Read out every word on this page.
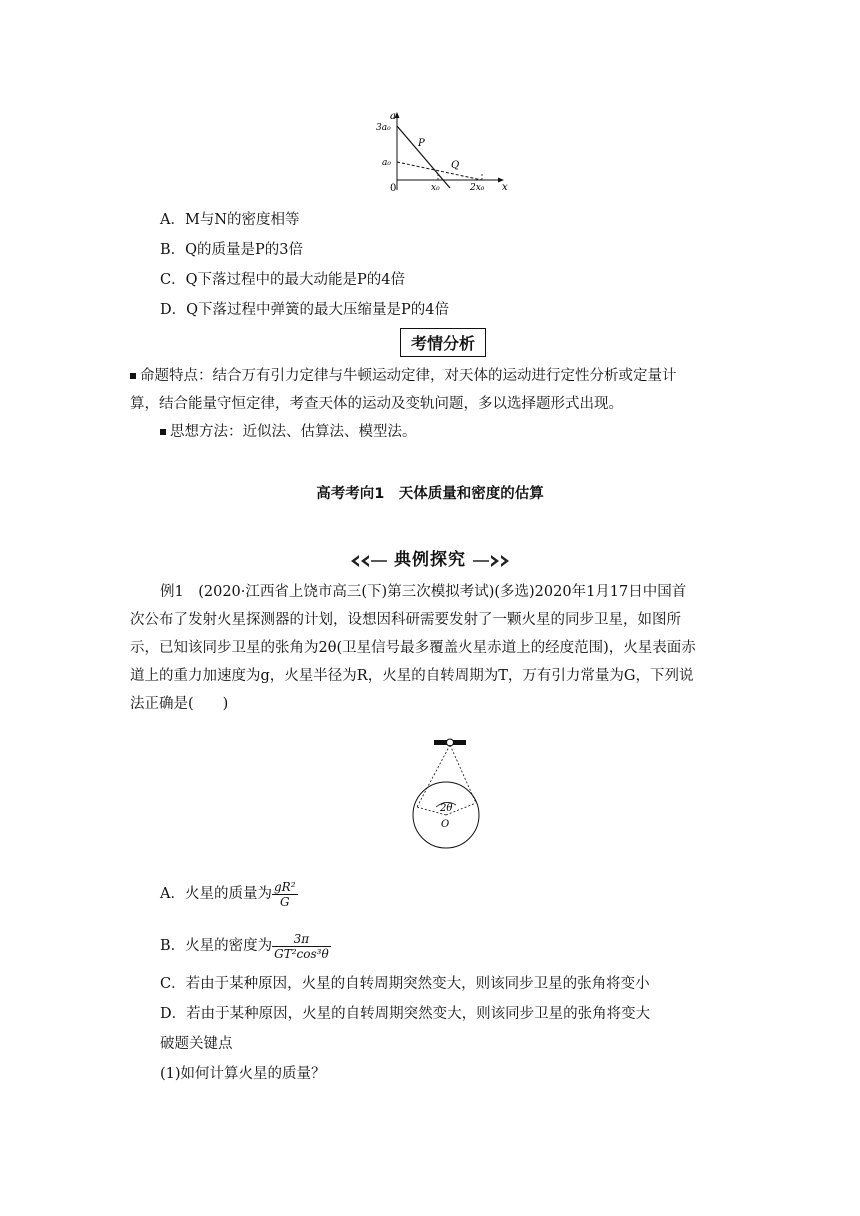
a
x
0
3a₀
a₀
x₀	2x₀
P
Q
A．M与N的密度相等
B．Q的质量是P的3倍
C．Q下落过程中的最大动能是P的4倍
D．Q下落过程中弹簧的最大压缩量是P的4倍
考情分析
命题特点：结合万有引力定律与牛顿运动定律，对天体的运动进行定性分析或定量计算，结合能量守恒定律，考查天体的运动及变轨问题，多以选择题形式出现。
思想方法：近似法、估算法、模型法。
高考考向1　天体质量和密度的估算
典例探究
例1　(2020·江西省上饶市高三(下)第三次模拟考试)(多选)2020年1月17日中国首次公布了发射火星探测器的计划，设想因科研需要发射了一颗火星的同步卫星，如图所示，已知该同步卫星的张角为2θ(卫星信号最多覆盖火星赤道上的经度范围)，火星表面赤道上的重力加速度为g，火星半径为R，火星的自转周期为T，万有引力常量为G，下列说法正确是(　　)
2θ
O
A．火星的质量为 $\frac{\text{gR²}}{G}$
B．火星的密度为 $\frac{3\pi}{\text{GT²cos³θ}}$
C．若由于某种原因，火星的自转周期突然变大，则该同步卫星的张角将变小
D．若由于某种原因，火星的自转周期突然变大，则该同步卫星的张角将变大
破题关键点
(1)如何计算火星的质量？
